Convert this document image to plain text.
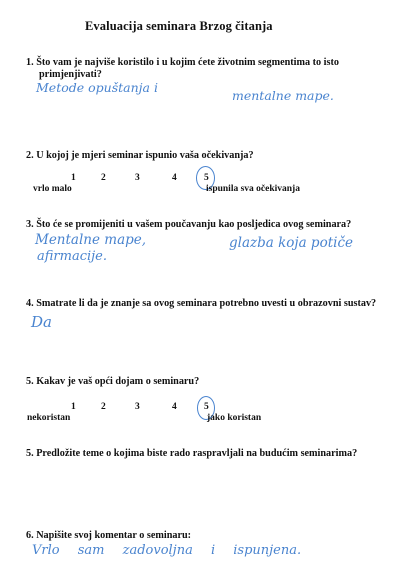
Evaluacija seminara Brzog čitanja
1. Što vam je najviše koristilo i u kojim ćete životnim segmentima to isto
primjenjivati?
Metode opuštanja i
mentalne mape.
2. U kojoj je mjeri seminar ispunio vaša očekivanja?
1	2	3	4	5
vrlo malo	ispunila sva očekivanja
3. Što će se promijeniti u vašem poučavanju kao posljedica ovog seminara?
Mentalne mape,	glazba koja potiče
afirmacije.
4. Smatrate li da je znanje sa ovog seminara potrebno uvesti u obrazovni sustav?
Da
5. Kakav je vaš opći dojam o seminaru?
1	2	3	4	5
nekoristan	jako koristan
5. Predložite teme o kojima biste rado raspravljali na budućim seminarima?
6. Napišite svoj komentar o seminaru:
Vrlo sam zadovoljna i ispunjena.
